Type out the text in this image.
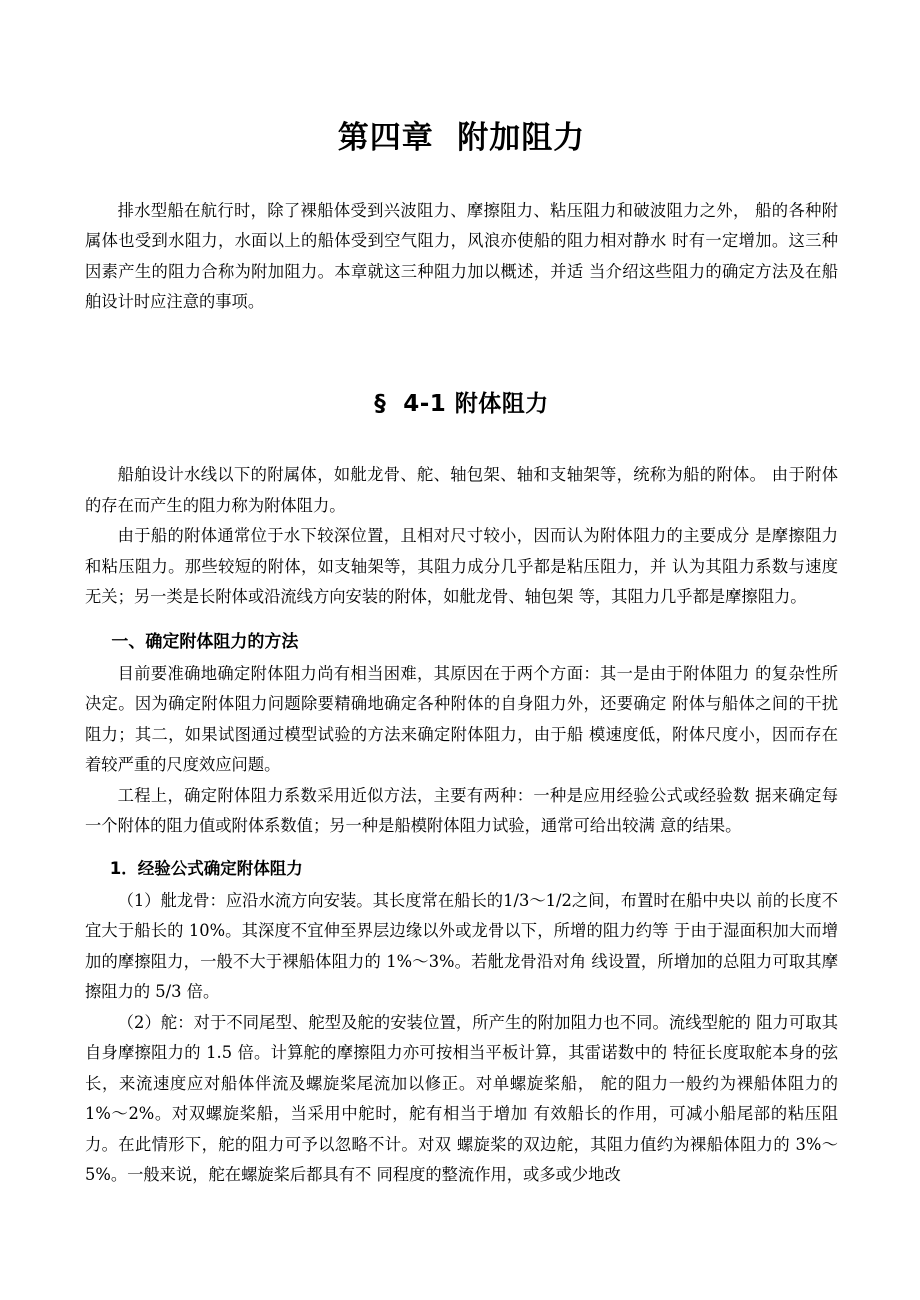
第四章  附加阻力

排水型船在航行时，除了裸船体受到兴波阻力、摩擦阻力、粘压阻力和破波阻力之外， 船的各种附属体也受到水阻力，水面以上的船体受到空气阻力，风浪亦使船的阻力相对静水 时有一定增加。这三种因素产生的阻力合称为附加阻力。本章就这三种阻力加以概述，并适 当介绍这些阻力的确定方法及在船舶设计时应注意的事项。

§  4-1 附体阻力

船舶设计水线以下的附属体，如舭龙骨、舵、轴包架、轴和支轴架等，统称为船的附体。 由于附体的存在而产生的阻力称为附体阻力。

由于船的附体通常位于水下较深位置，且相对尺寸较小，因而认为附体阻力的主要成分 是摩擦阻力和粘压阻力。那些较短的附体，如支轴架等，其阻力成分几乎都是粘压阻力，并 认为其阻力系数与速度无关；另一类是长附体或沿流线方向安装的附体，如舭龙骨、轴包架 等，其阻力几乎都是摩擦阻力。

一、确定附体阻力的方法

目前要准确地确定附体阻力尚有相当困难，其原因在于两个方面：其一是由于附体阻力 的复杂性所决定。因为确定附体阻力问题除要精确地确定各种附体的自身阻力外，还要确定 附体与船体之间的干扰阻力；其二，如果试图通过模型试验的方法来确定附体阻力，由于船 模速度低，附体尺度小，因而存在着较严重的尺度效应问题。

工程上，确定附体阻力系数采用近似方法，主要有两种：一种是应用经验公式或经验数 据来确定每一个附体的阻力值或附体系数值；另一种是船模附体阻力试验，通常可给出较满 意的结果。

1．经验公式确定附体阻力

（1）舭龙骨：应沿水流方向安装。其长度常在船长的1/3〜1/2之间，布置时在船中央以 前的长度不宜大于船长的 10%。其深度不宜伸至界层边缘以外或龙骨以下，所增的阻力约等 于由于湿面积加大而增加的摩擦阻力，一般不大于裸船体阻力的 1%〜3%。若舭龙骨沿对角 线设置，所增加的总阻力可取其摩擦阻力的 5/3 倍。

（2）舵：对于不同尾型、舵型及舵的安装位置，所产生的附加阻力也不同。流线型舵的 阻力可取其自身摩擦阻力的 1.5 倍。计算舵的摩擦阻力亦可按相当平板计算，其雷诺数中的 特征长度取舵本身的弦长，来流速度应对船体伴流及螺旋桨尾流加以修正。对单螺旋桨船， 舵的阻力一般约为裸船体阻力的1%〜2%。对双螺旋桨船，当采用中舵时，舵有相当于增加 有效船长的作用，可减小船尾部的粘压阻力。在此情形下，舵的阻力可予以忽略不计。对双 螺旋桨的双边舵，其阻力值约为裸船体阻力的 3%〜5%。一般来说，舵在螺旋桨后都具有不 同程度的整流作用，或多或少地改
